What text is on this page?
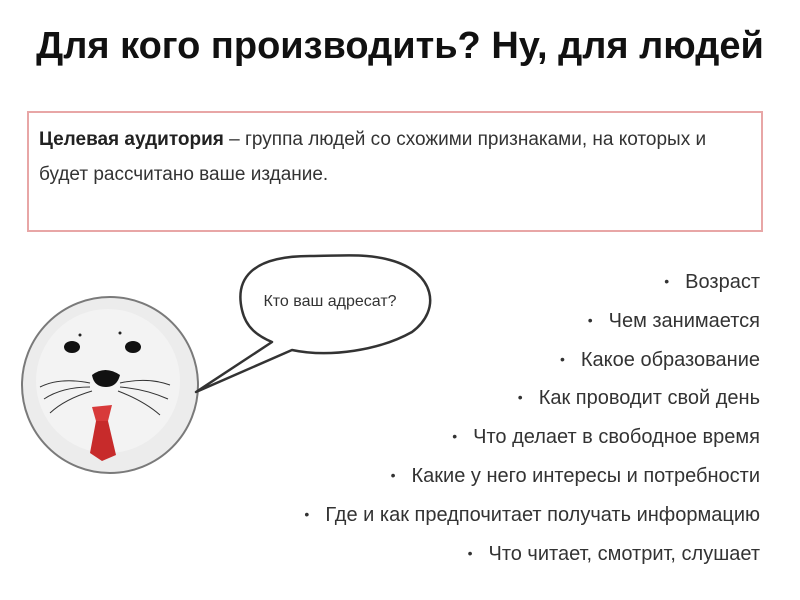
Для кого производить? Ну, для людей
Целевая аудитория – группа людей со схожими признаками, на которых и будет рассчитано ваше издание.
Кто ваш адресат?
• Возраст
• Чем занимается
• Какое образование
• Как проводит свой день
• Что делает в свободное время
• Какие у него интересы и потребности
• Где и как предпочитает получать информацию
• Что читает, смотрит, слушает
